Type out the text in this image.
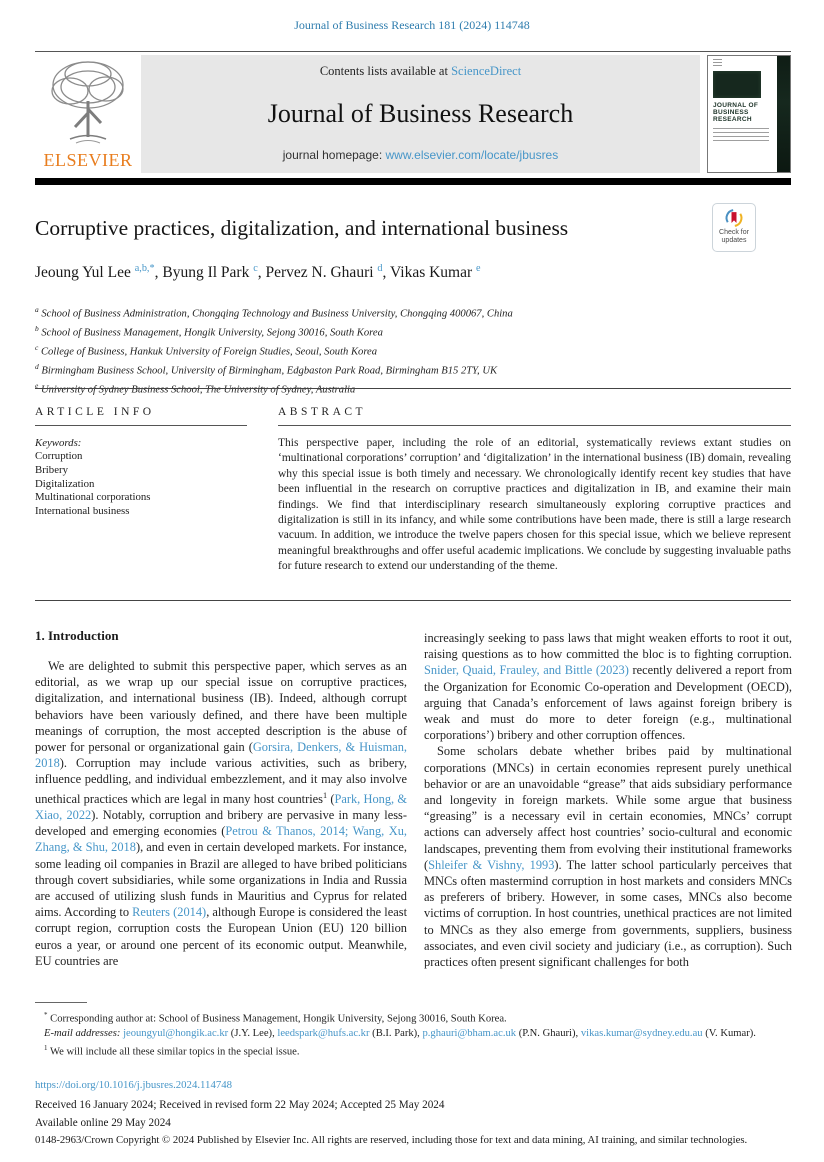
Journal of Business Research 181 (2024) 114748
ELSEVIER
Contents lists available at ScienceDirect
Journal of Business Research
journal homepage: www.elsevier.com/locate/jbusres
JOURNAL OF
BUSINESS
RESEARCH
Corruptive practices, digitalization, and international business	Check for
updates
Jeoung Yul Lee $^{a,b,*}$, Byung Il Park $^c$, Pervez N. Ghauri $^d$, Vikas Kumar $^e$
$^a$ School of Business Administration, Chongqing Technology and Business University, Chongqing 400067, China
$^b$ School of Business Management, Hongik University, Sejong 30016, South Korea
$^c$ College of Business, Hankuk University of Foreign Studies, Seoul, South Korea
$^d$ Birmingham Business School, University of Birmingham, Edgbaston Park Road, Birmingham B15 2TY, UK
$^e$ University of Sydney Business School, The University of Sydney, Australia
ARTICLE INFO
Keywords:
Corruption
Bribery
Digitalization
Multinational corporations
International business
ABSTRACT
This perspective paper, including the role of an editorial, systematically reviews extant studies on ‘multinational corporations’ corruption’ and ‘digitalization’ in the international business (IB) domain, revealing why this special issue is both timely and necessary. We chronologically identify recent key studies that have been influential in the research on corruptive practices and digitalization in IB, and examine their main findings. We find that interdisciplinary research simultaneously exploring corruptive practices and digitalization is still in its infancy, and while some contributions have been made, there is still a large research vacuum. In addition, we introduce the twelve papers chosen for this special issue, which we believe represent meaningful breakthroughs and offer useful academic implications. We conclude by suggesting invaluable paths for future research to extend our understanding of the theme.
1. Introduction

We are delighted to submit this perspective paper, which serves as an editorial, as we wrap up our special issue on corruptive practices, digitalization, and international business (IB). Indeed, although corrupt behaviors have been variously defined, and there have been multiple meanings of corruption, the most accepted description is the abuse of power for personal or organizational gain (Gorsira, Denkers, & Huisman, 2018). Corruption may include various activities, such as bribery, influence peddling, and individual embezzlement, and it may also involve unethical practices which are legal in many host countries$^1$ (Park, Hong, & Xiao, 2022). Notably, corruption and bribery are pervasive in many less-developed and emerging economies (Petrou & Thanos, 2014; Wang, Xu, Zhang, & Shu, 2018), and even in certain developed markets. For instance, some leading oil companies in Brazil are alleged to have bribed politicians through covert subsidiaries, while some organizations in India and Russia are accused of utilizing slush funds in Mauritius and Cyprus for related aims. According to Reuters (2014), although Europe is considered the least corrupt region, corruption costs the European Union (EU) 120 billion euros a year, or around one percent of its economic output. Meanwhile, EU countries are

increasingly seeking to pass laws that might weaken efforts to root it out, raising questions as to how committed the bloc is to fighting corruption. Snider, Quaid, Frauley, and Bittle (2023) recently delivered a report from the Organization for Economic Co-operation and Development (OECD), arguing that Canada’s enforcement of laws against foreign bribery is weak and must do more to deter foreign (e.g., multinational corporations’) bribery and other corruption offences.

Some scholars debate whether bribes paid by multinational corporations (MNCs) in certain economies represent purely unethical behavior or are an unavoidable “grease” that aids subsidiary performance and longevity in foreign markets. While some argue that business “greasing” is a necessary evil in certain economies, MNCs’ corrupt actions can adversely affect host countries’ socio-cultural and economic landscapes, preventing them from evolving their institutional frameworks (Shleifer & Vishny, 1993). The latter school particularly perceives that MNCs often mastermind corruption in host markets and considers MNCs as preferers of bribery. However, in some cases, MNCs also become victims of corruption. In host countries, unethical practices are not limited to MNCs as they also emerge from governments, suppliers, business associates, and even civil society and judiciary (i.e., as corruption). Such practices often present significant challenges for both

* Corresponding author at: School of Business Management, Hongik University, Sejong 30016, South Korea.
E-mail addresses: jeoungyul@hongik.ac.kr (J.Y. Lee), leedspark@hufs.ac.kr (B.I. Park), p.ghauri@bham.ac.uk (P.N. Ghauri), vikas.kumar@sydney.edu.au (V. Kumar).
$^1$ We will include all these similar topics in the special issue.
https://doi.org/10.1016/j.jbusres.2024.114748
Received 16 January 2024; Received in revised form 22 May 2024; Accepted 25 May 2024
Available online 29 May 2024
0148-2963/Crown Copyright © 2024 Published by Elsevier Inc. All rights are reserved, including those for text and data mining, AI training, and similar technologies.
